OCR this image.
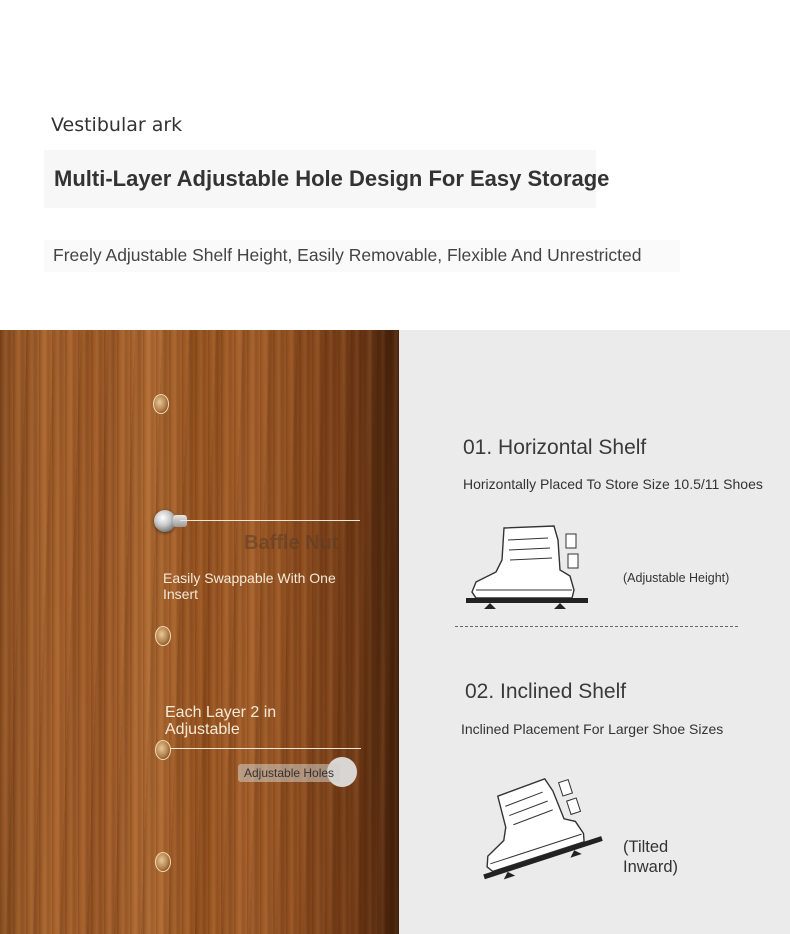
Vestibular ark
Multi-Layer Adjustable Hole Design For Easy Storage
Freely Adjustable Shelf Height, Easily Removable, Flexible And Unrestricted
Baffle Nut
Easily Swappable With One Insert
Each Layer 2 in Adjustable
Adjustable Holes
01. Horizontal Shelf
Horizontally Placed To Store Size 10.5/11 Shoes
(Adjustable Height)
02. Inclined Shelf
Inclined Placement For Larger Shoe Sizes
(Tilted Inward)
